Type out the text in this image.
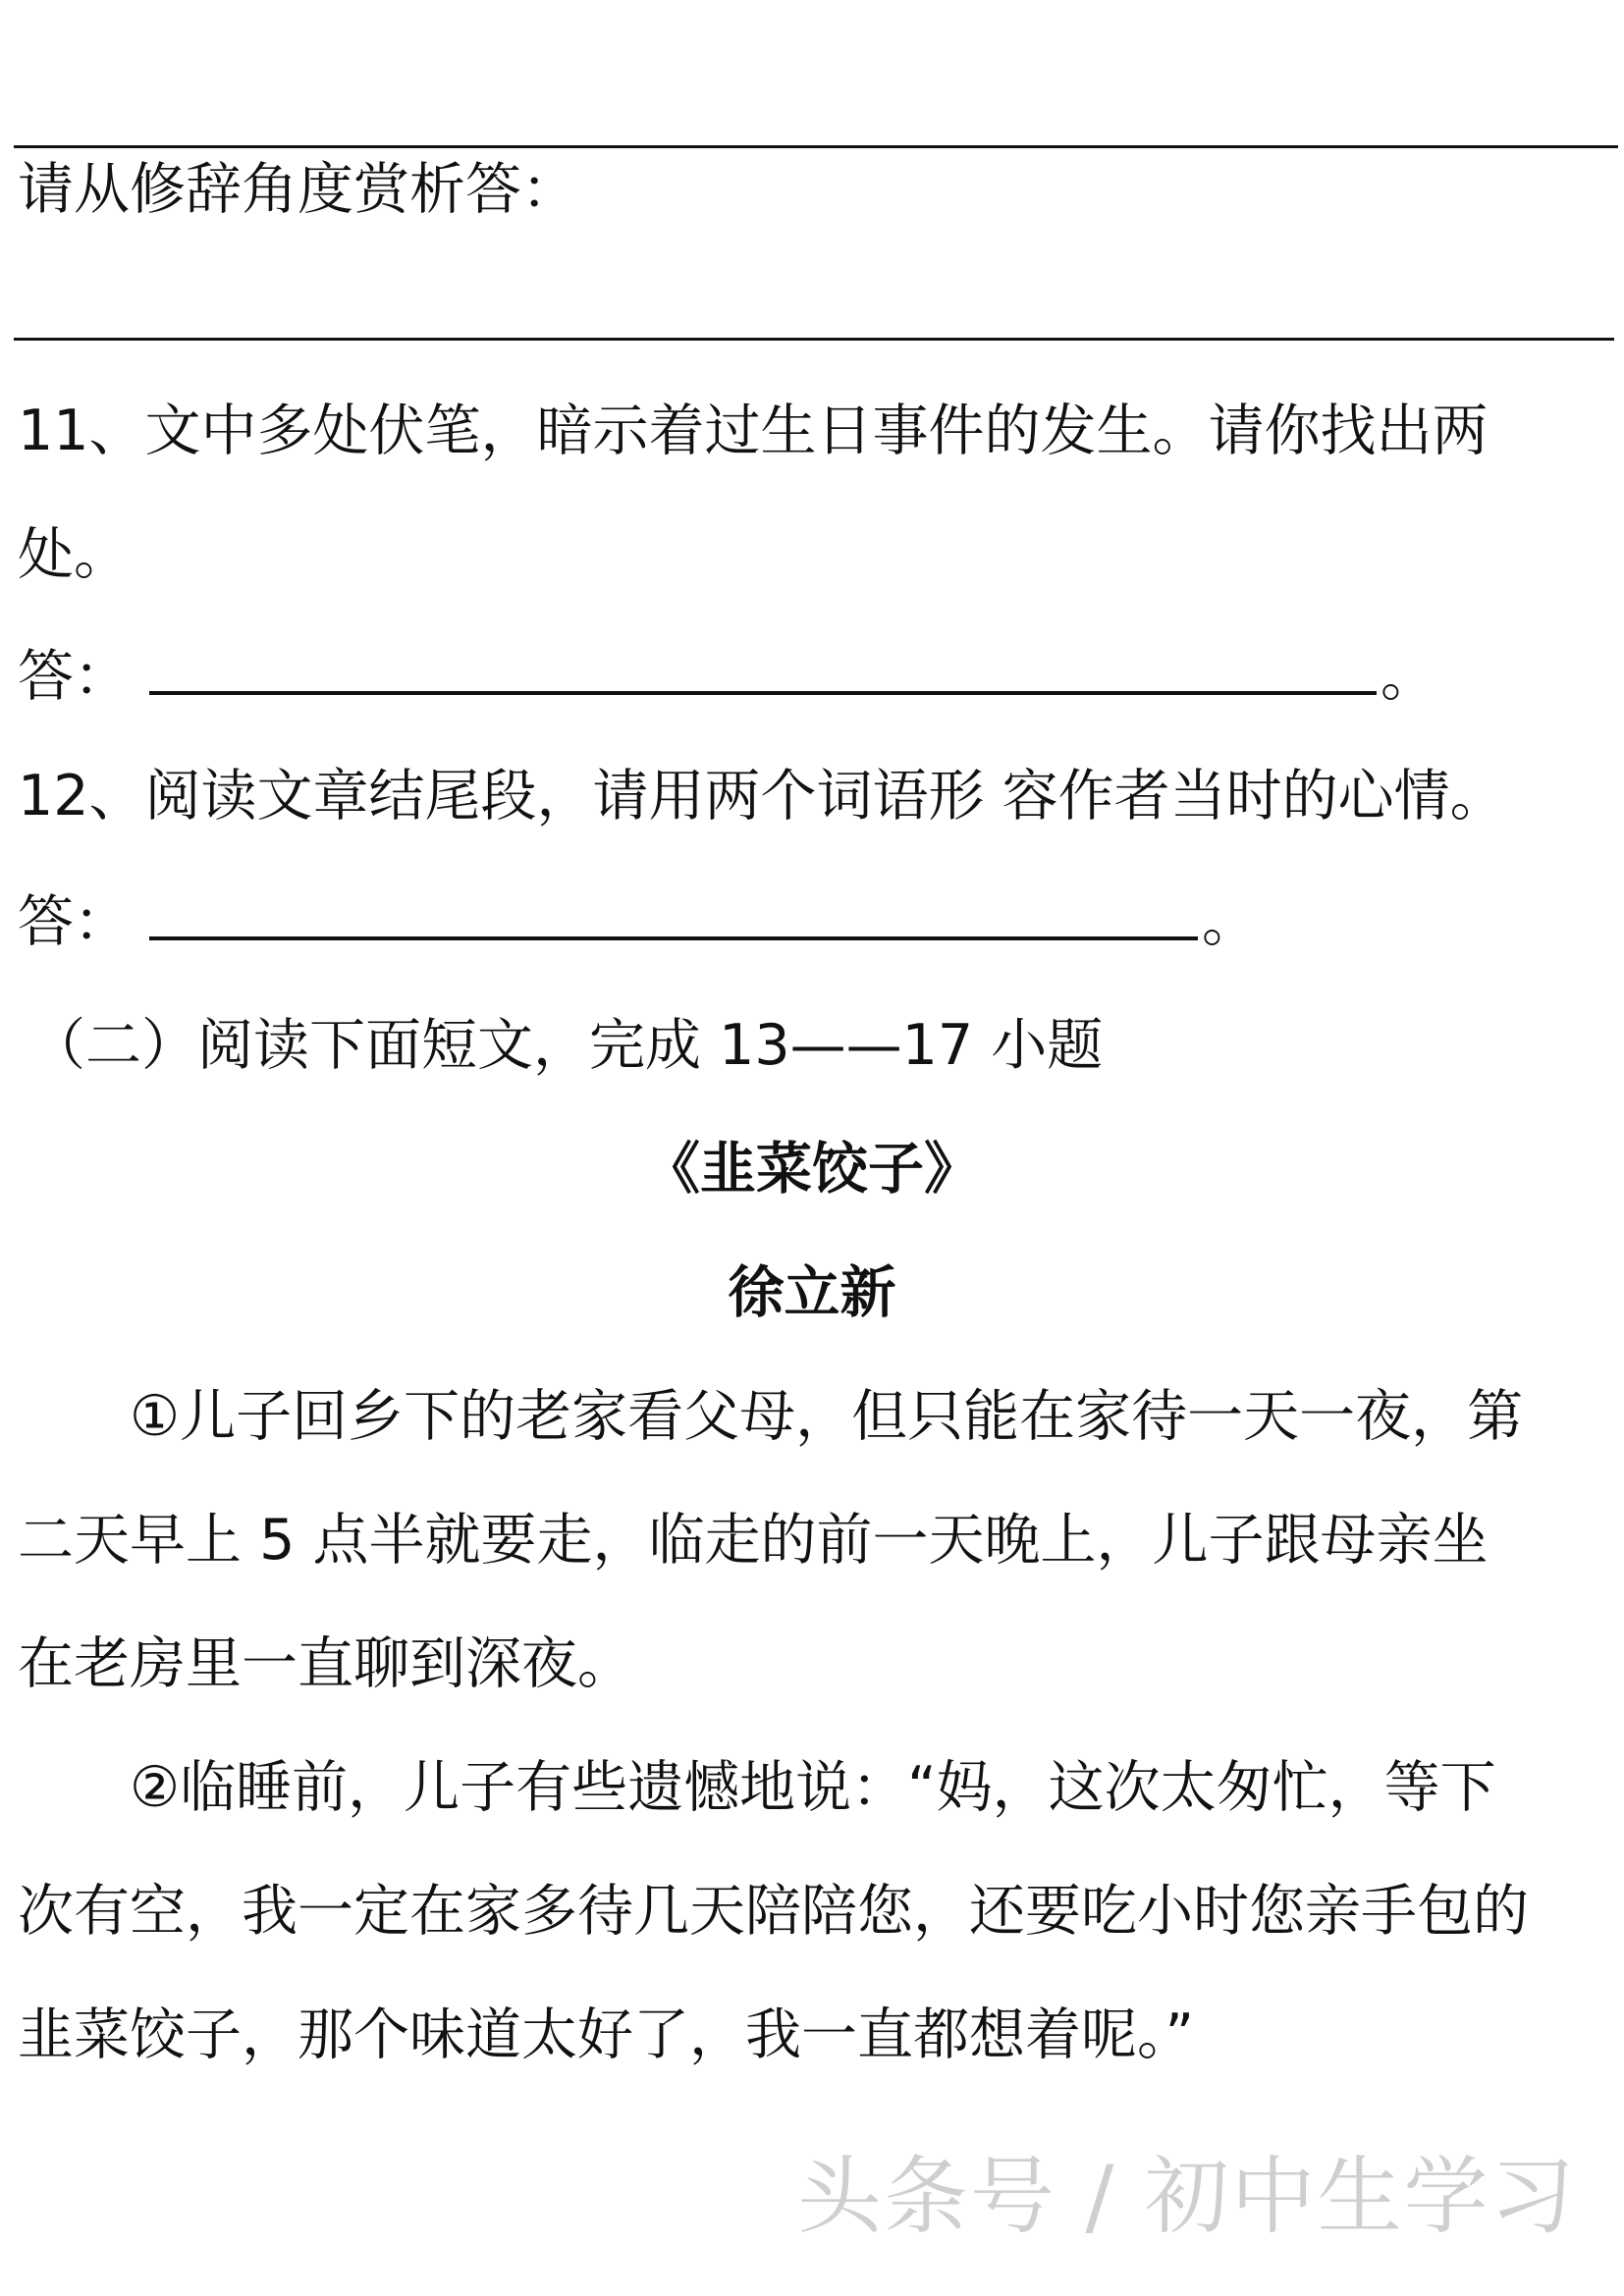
请从修辞角度赏析答：
11、文中多处伏笔，暗示着过生日事件的发生。请你找出两
处。
答：	。
12、阅读文章结尾段，请用两个词语形 容作者当时的心情。
答：	。
（二）阅读下面短文，完成 13——17 小题
《韭菜饺子》
徐立新
　　①儿子回乡下的老家看父母，但只能在家待一天一夜，第
二天早上 5 点半就要走，临走的前一天晚上，儿子跟母亲坐
在老房里一直聊到深夜。
　　②临睡前，儿子有些遗憾地说：“妈，这次太匆忙，等下
次有空，我一定在家多待几天陪陪您，还要吃小时您亲手包的
韭菜饺子，那个味道太好了，我一直都想着呢。”
头条号 / 初中生学习
